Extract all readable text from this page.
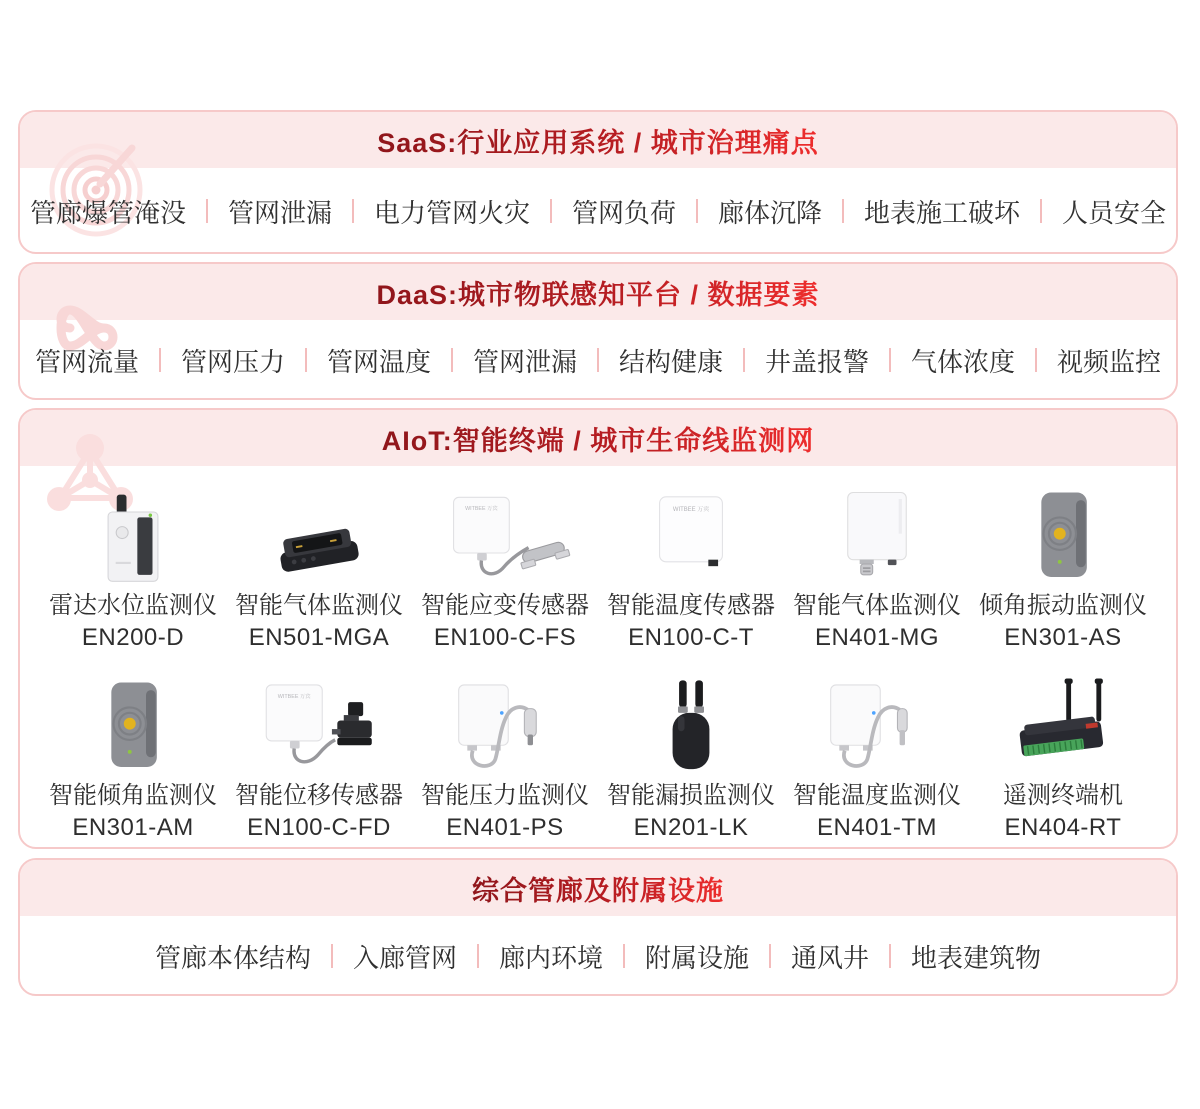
SaaS:行业应用系统 / 城市治理痛点
管廊爆管淹没 管网泄漏 电力管网火灾 管网负荷 廊体沉降 地表施工破坏 人员安全
DaaS:城市物联感知平台 / 数据要素
管网流量 管网压力 管网温度 管网泄漏 结构健康 井盖报警 气体浓度 视频监控
AIoT:智能终端 / 城市生命线监测网
雷达水位监测仪
EN200-D
智能气体监测仪
EN501-MGA
WITBEE 万宾
智能应变传感器
EN100-C-FS
WITBEE 万宾
智能温度传感器
EN100-C-T
智能气体监测仪
EN401-MG
倾角振动监测仪
EN301-AS
智能倾角监测仪
EN301-AM
WITBEE 万宾
智能位移传感器
EN100-C-FD
智能压力监测仪
EN401-PS
智能漏损监测仪
EN201-LK
智能温度监测仪
EN401-TM
遥测终端机
EN404-RT
综合管廊及附属设施
管廊本体结构 入廊管网 廊内环境 附属设施 通风井 地表建筑物
